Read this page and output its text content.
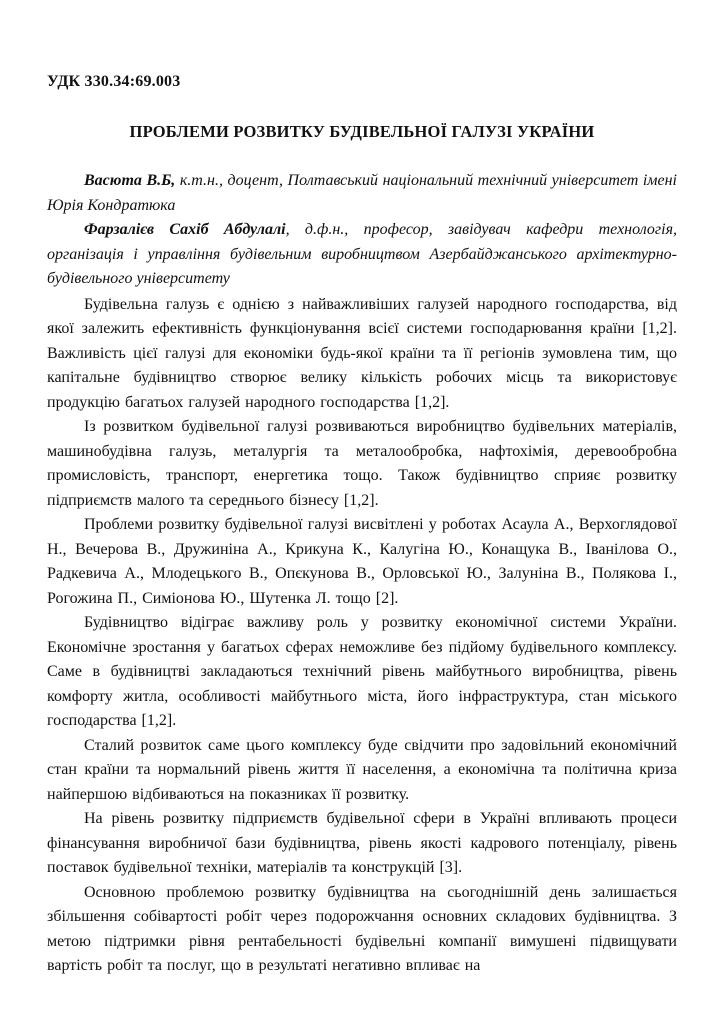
УДК 330.34:69.003

ПРОБЛЕМИ РОЗВИТКУ БУДІВЕЛЬНОЇ ГАЛУЗІ УКРАЇНИ

Васюта В.Б, к.т.н., доцент, Полтавський національний технічний університет імені Юрія Кондратюка

Фарзалієв Сахіб Абдулалі, д.ф.н., професор, завідувач кафедри технологія, організація і управління будівельним виробництвом Азербайджанського архітектурно-будівельного університету

Будівельна галузь є однією з найважливіших галузей народного господарства, від якої залежить ефективність функціонування всієї системи господарювання країни [1,2]. Важливість цієї галузі для економіки будь-якої країни та її регіонів зумовлена тим, що капітальне будівництво створює велику кількість робочих місць та використовує продукцію багатьох галузей народного господарства [1,2].

Із розвитком будівельної галузі розвиваються виробництво будівельних матеріалів, машинобудівна галузь, металургія та металообробка, нафтохімія, деревообробна промисловість, транспорт, енергетика тощо. Також будівництво сприяє розвитку підприємств малого та середнього бізнесу [1,2].

Проблеми розвитку будівельної галузі висвітлені у роботах Асаула А., Верхоглядової Н., Вечерова В., Дружиніна А., Крикуна К., Калугіна Ю., Конащука В., Іванілова О., Радкевича А., Млодецького В., Опєкунова В., Орловської Ю., Залуніна В., Полякова І., Рогожина П., Симіонова Ю., Шутенка Л. тощо [2].

Будівництво відіграє важливу роль у розвитку економічної системи України. Економічне зростання у багатьох сферах неможливе без підйому будівельного комплексу. Саме в будівництві закладаються технічний рівень майбутнього виробництва, рівень комфорту житла, особливості майбутнього міста, його інфраструктура, стан міського господарства [1,2].

Сталий розвиток саме цього комплексу буде свідчити про задовільний економічний стан країни та нормальний рівень життя її населення, а економічна та політична криза найпершою відбиваються на показниках її розвитку.

На рівень розвитку підприємств будівельної сфери в Україні впливають процеси фінансування виробничої бази будівництва, рівень якості кадрового потенціалу, рівень поставок будівельної техніки, матеріалів та конструкцій [3].

Основною проблемою розвитку будівництва на сьогоднішній день залишається збільшення собівартості робіт через подорожчання основних складових будівництва. З метою підтримки рівня рентабельності будівельні компанії вимушені підвищувати вартість робіт та послуг, що в результаті негативно впливає на
